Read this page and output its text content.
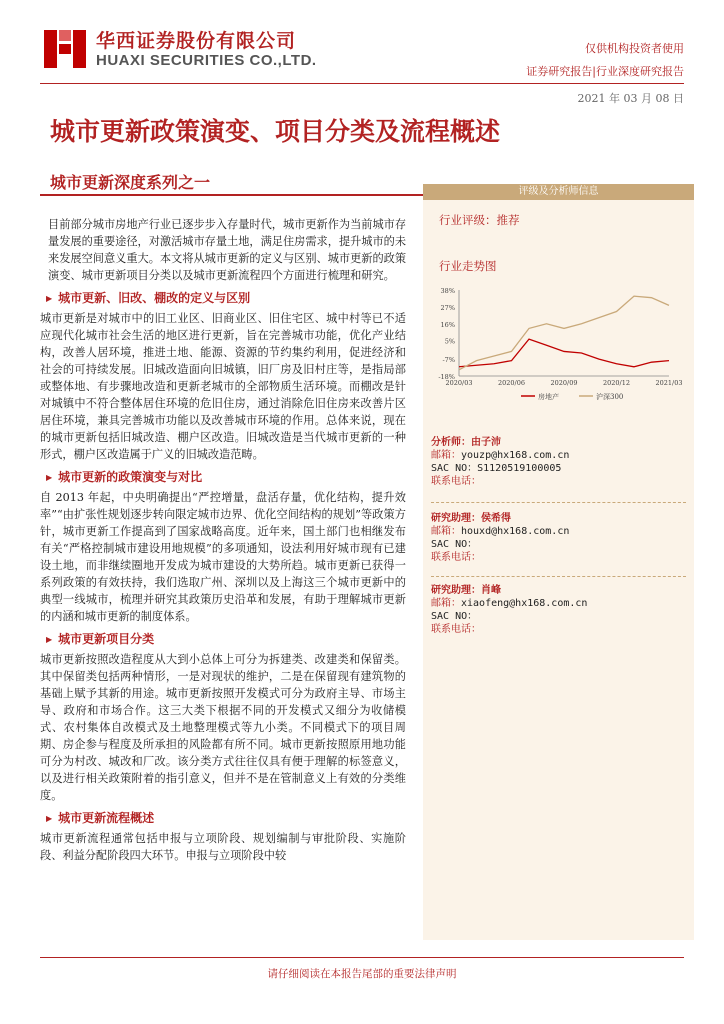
华西证券股份有限公司
HUAXI SECURITIES CO.,LTD.
仅供机构投资者使用
证券研究报告|行业深度研究报告
2021 年 03 月 08 日
城市更新政策演变、项目分类及流程概述
城市更新深度系列之一

目前部分城市房地产行业已逐步步入存量时代，城市更新作为当前城市存量发展的重要途径，对激活城市存量土地，满足住房需求，提升城市的未来发展空间意义重大。本文将从城市更新的定义与区别、城市更新的政策演变、城市更新项目分类以及城市更新流程四个方面进行梳理和研究。

▶ 城市更新、旧改、棚改的定义与区别

城市更新是对城市中的旧工业区、旧商业区、旧住宅区、城中村等已不适应现代化城市社会生活的地区进行更新，旨在完善城市功能，优化产业结构，改善人居环境，推进土地、能源、资源的节约集约利用，促进经济和社会的可持续发展。旧城改造面向旧城镇，旧厂房及旧村庄等，是指局部或整体地、有步骤地改造和更新老城市的全部物质生活环境。而棚改是针对城镇中不符合整体居住环境的危旧住房，通过消除危旧住房来改善片区居住环境，兼具完善城市功能以及改善城市环境的作用。总体来说，现在的城市更新包括旧城改造、棚户区改造。旧城改造是当代城市更新的一种形式，棚户区改造属于广义的旧城改造范畴。

▶ 城市更新的政策演变与对比

自 2013 年起，中央明确提出“严控增量，盘活存量，优化结构，提升效率”“由扩张性规划逐步转向限定城市边界、优化空间结构的规划”等政策方针，城市更新工作提高到了国家战略高度。近年来，国土部门也相继发布有关“严格控制城市建设用地规模”的多项通知，设法利用好城市现有已建设土地，而非继续圈地开发成为城市建设的大势所趋。城市更新已获得一系列政策的有效扶持，我们选取广州、深圳以及上海这三个城市更新中的典型一线城市，梳理并研究其政策历史沿革和发展，有助于理解城市更新的内涵和城市更新的制度体系。

▶ 城市更新项目分类

城市更新按照改造程度从大到小总体上可分为拆建类、改建类和保留类。其中保留类包括两种情形，一是对现状的维护，二是在保留现有建筑物的基础上赋予其新的用途。城市更新按照开发模式可分为政府主导、市场主导、政府和市场合作。这三大类下根据不同的开发模式又细分为收储模式、农村集体自改模式及土地整理模式等九小类。不同模式下的项目周期、房企参与程度及所承担的风险都有所不同。城市更新按照原用地功能可分为村改、城改和厂改。该分类方式往往仅具有便于理解的标签意义，以及进行相关政策附着的指引意义，但并不是在管制意义上有效的分类维度。

▶ 城市更新流程概述

城市更新流程通常包括申报与立项阶段、规划编制与审批阶段、实施阶段、利益分配阶段四大环节。申报与立项阶段中较

评级及分析师信息
行业评级：推荐
行业走势图
38%
27%
16%
5%
-7%
-18%
2020/03	2020/06	2020/09	2020/12	2021/03
房地产	沪深300
分析师：由子沛
邮箱：youzp@hx168.com.cn
SAC NO：S1120519100005
联系电话：
研究助理：侯希得
邮箱：houxd@hx168.com.cn
SAC NO：
联系电话：
研究助理：肖峰
邮箱：xiaofeng@hx168.com.cn
SAC NO：
联系电话：
请仔细阅读在本报告尾部的重要法律声明
